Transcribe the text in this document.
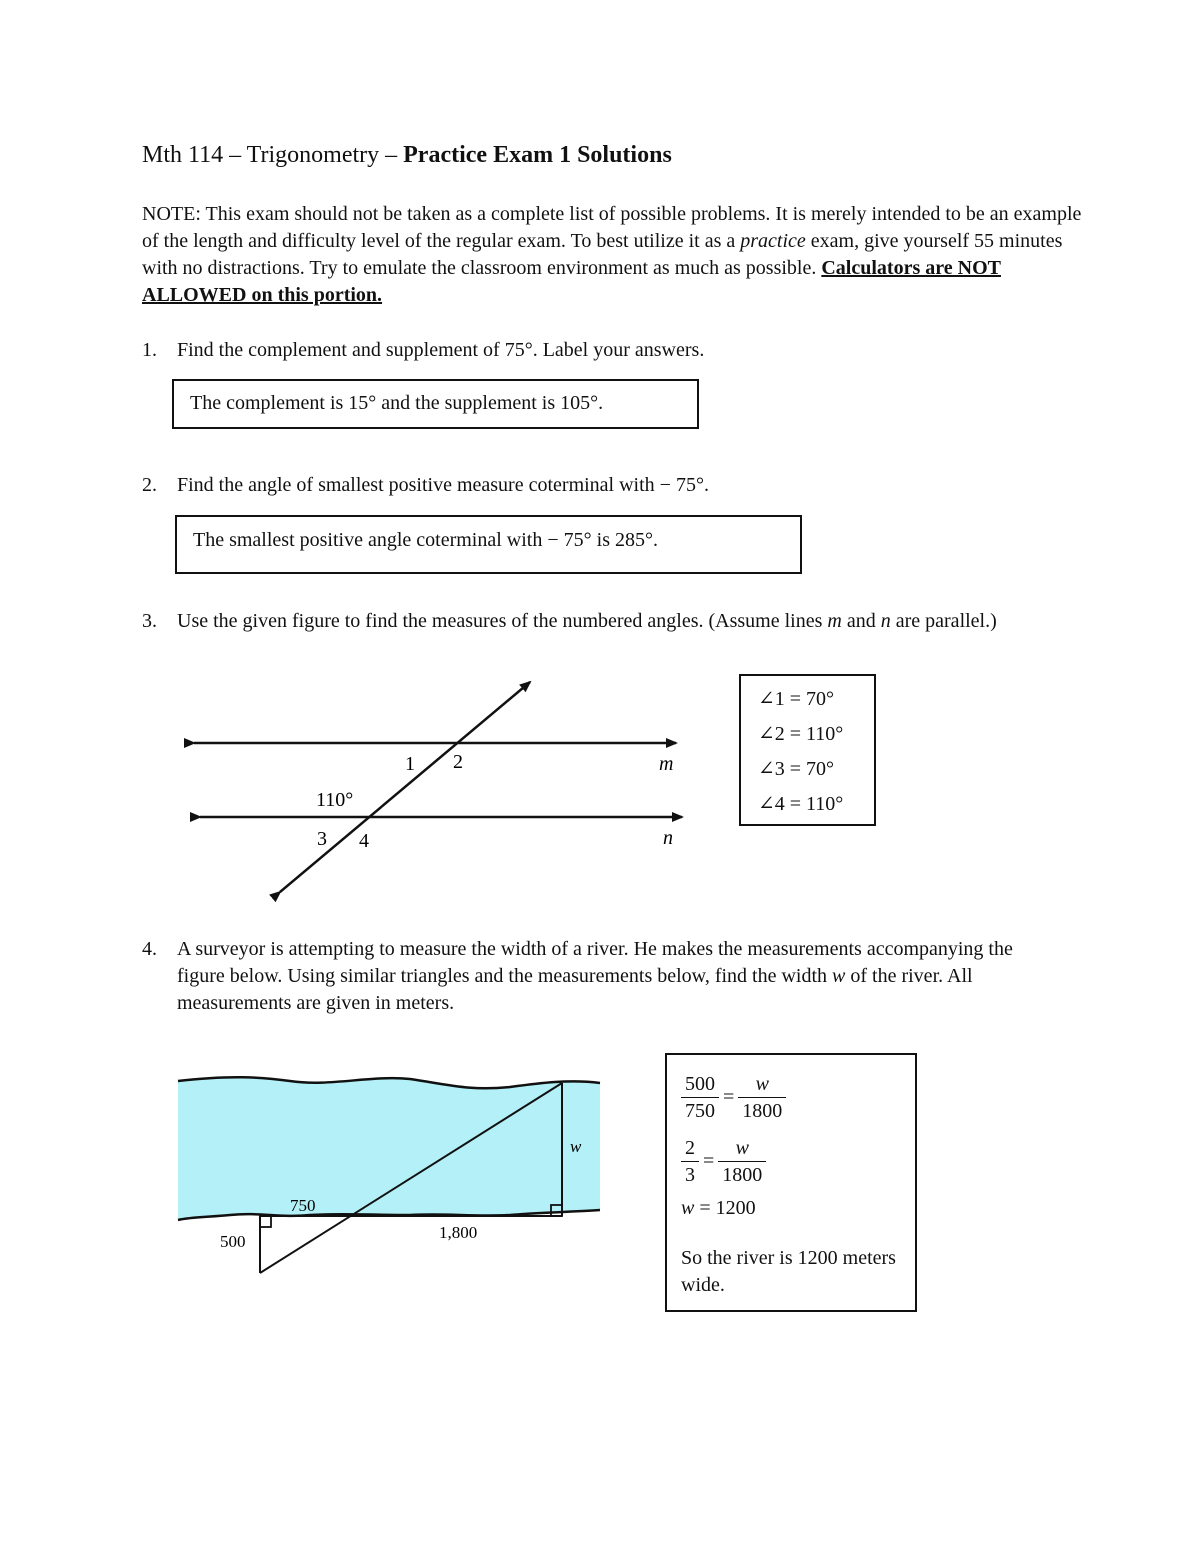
Mth 114 – Trigonometry – Practice Exam 1 Solutions
NOTE: This exam should not be taken as a complete list of possible problems. It is merely intended to be an example of the length and difficulty level of the regular exam. To best utilize it as a practice exam, give yourself 55 minutes with no distractions. Try to emulate the classroom environment as much as possible. Calculators are NOT ALLOWED on this portion.
1. Find the complement and supplement of 75°. Label your answers.
The complement is 15° and the supplement is 105°.
2. Find the angle of smallest positive measure coterminal with − 75°.
The smallest positive angle coterminal with − 75° is 285°.
3. Use the given figure to find the measures of the numbered angles. (Assume lines m and n are parallel.)
1 2	m
110°
3 4	n
∠1 = 70°
∠2 = 110°
∠3 = 70°
∠4 = 110°
4. A surveyor is attempting to measure the width of a river. He makes the measurements accompanying the figure below. Using similar triangles and the measurements below, find the width w of the river. All measurements are given in meters.
w
750
500	1,800
$\frac{500}{750} = \frac{w}{1800}$
$\frac{2}{3} = \frac{w}{1800}$
w = 1200
So the river is 1200 meters wide.
